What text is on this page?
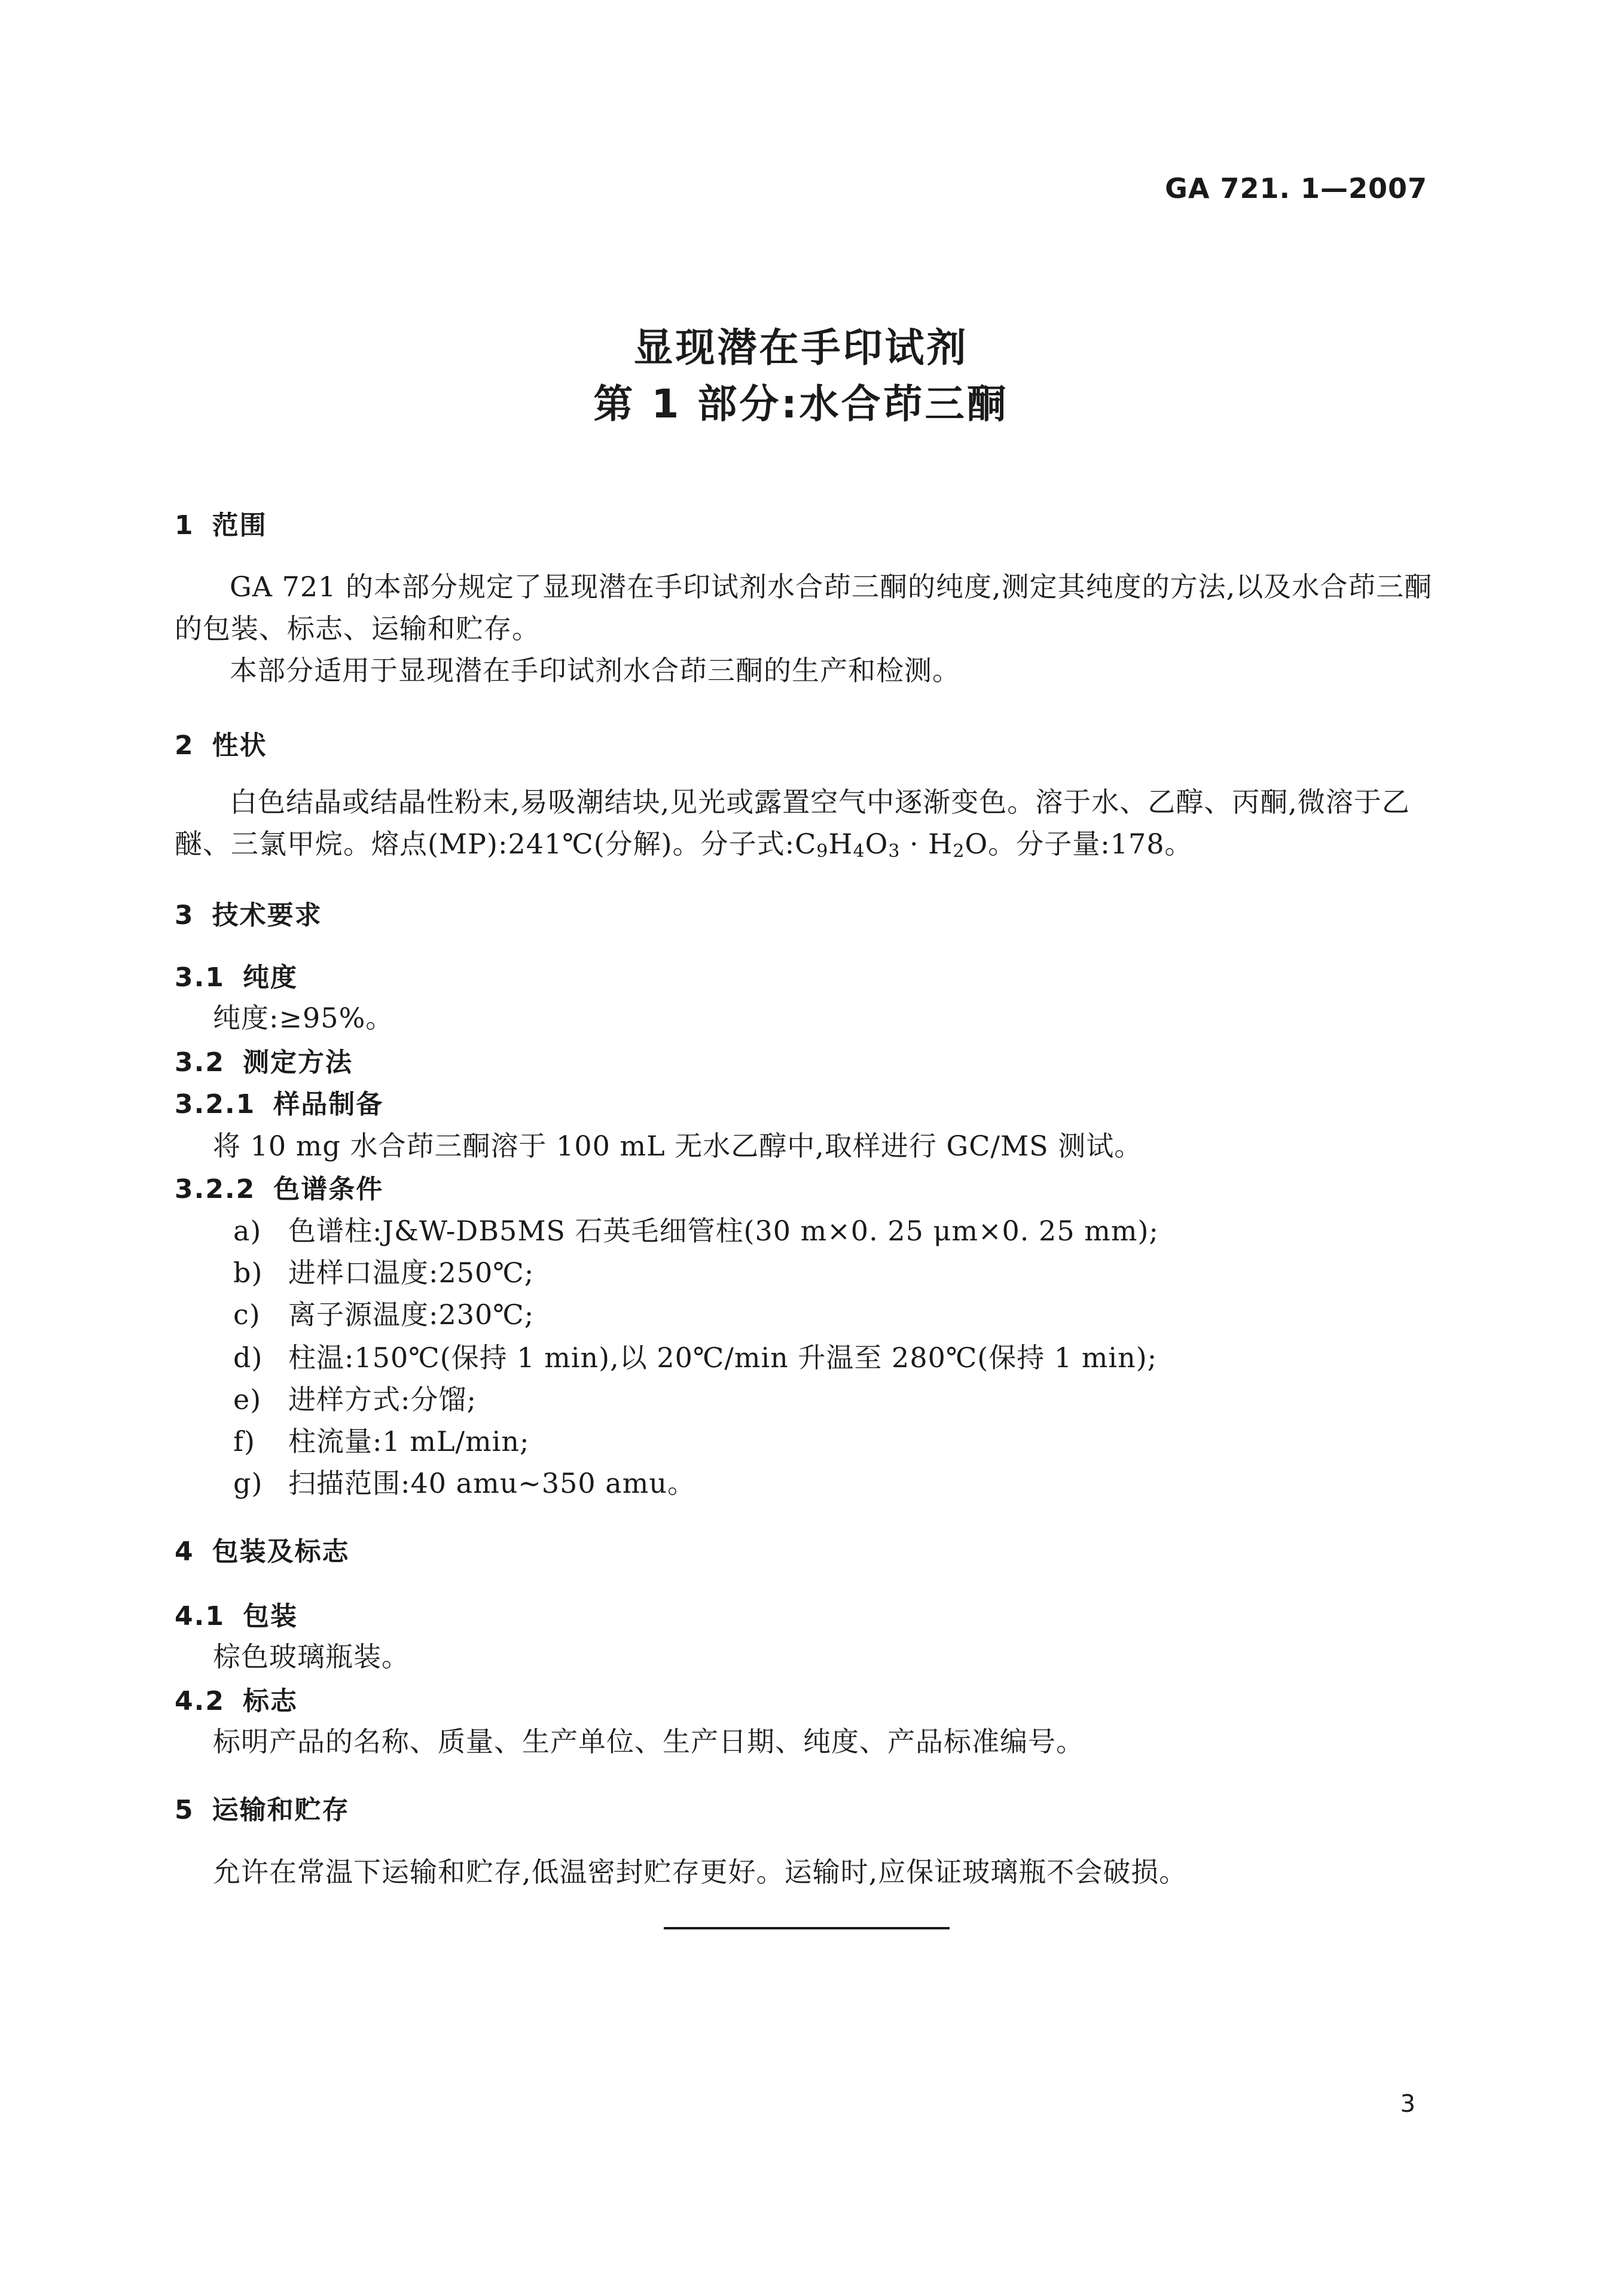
GA 721. 1—2007
显现潜在手印试剂
第 1 部分:水合茚三酮
1 范围
GA 721 的本部分规定了显现潜在手印试剂水合茚三酮的纯度,测定其纯度的方法,以及水合茚三酮的包装、标志、运输和贮存。
本部分适用于显现潜在手印试剂水合茚三酮的生产和检测。
2 性状
白色结晶或结晶性粉末,易吸潮结块,见光或露置空气中逐渐变色。溶于水、乙醇、丙酮,微溶于乙醚、三氯甲烷。熔点(MP):241℃(分解)。分子式$:C_9H_4O_3 \cdot H_2O$。分子量:178。
3 技术要求
3.1 纯度
纯度:≥95%。
3.2 测定方法
3.2.1 样品制备
将 10 mg 水合茚三酮溶于 100 mL 无水乙醇中,取样进行 GC/MS 测试。
3.2.2 色谱条件
a) 色谱柱:J&W-DB5MS 石英毛细管柱(30 m×0. 25 μm×0. 25 mm);
b) 进样口温度:250℃;
c) 离子源温度:230℃;
d) 柱温:150℃(保持 1 min),以 20℃/min 升温至 280℃(保持 1 min);
e) 进样方式:分馏;
f) 柱流量:1 mL/min;
g) 扫描范围:40 amu~350 amu。
4 包装及标志
4.1 包装
棕色玻璃瓶装。
4.2 标志
标明产品的名称、质量、生产单位、生产日期、纯度、产品标准编号。
5 运输和贮存
允许在常温下运输和贮存,低温密封贮存更好。运输时,应保证玻璃瓶不会破损。
3
